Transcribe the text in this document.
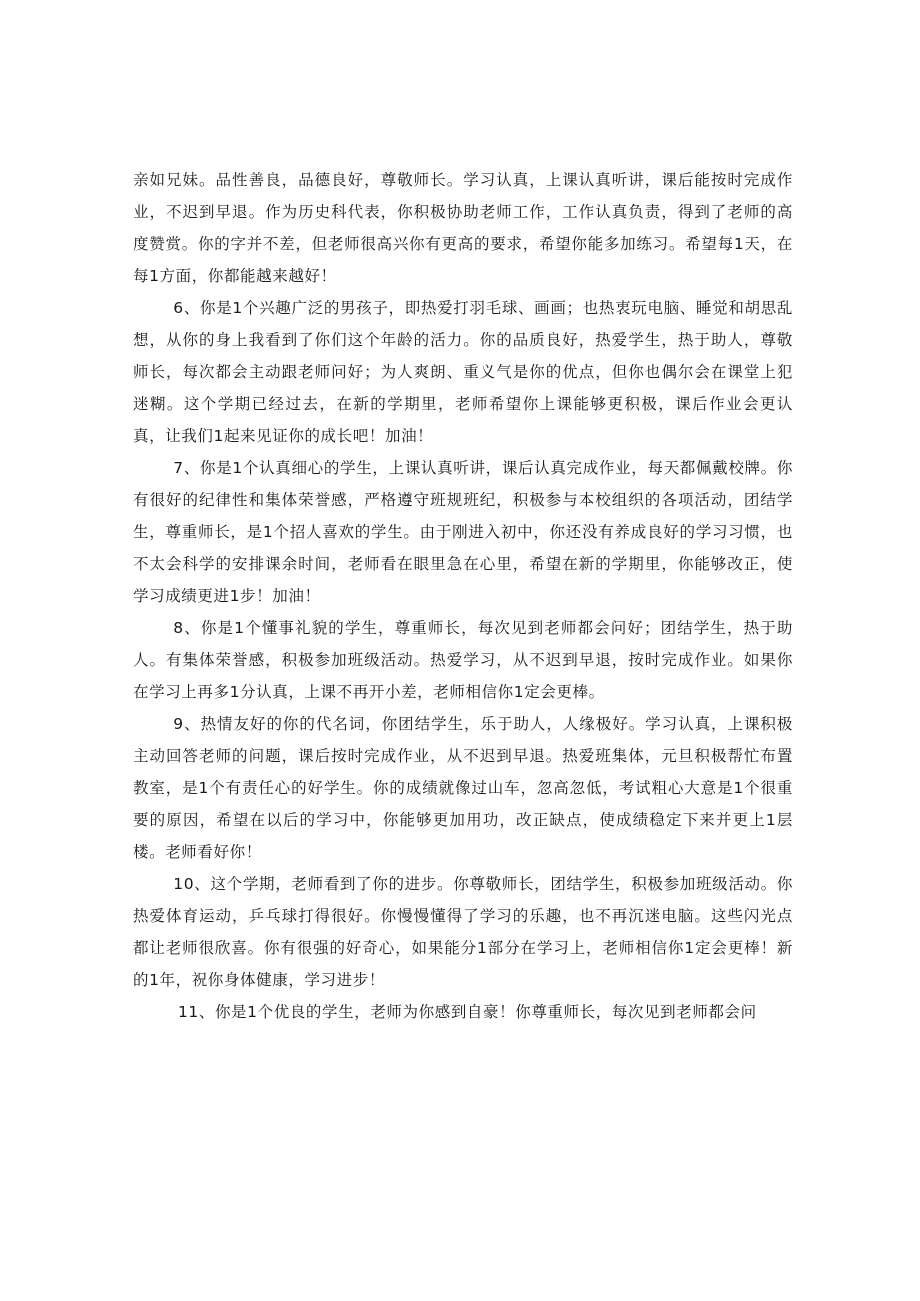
亲如兄妹。品性善良，品德良好，尊敬师长。学习认真，上课认真听讲，课后能按时完成作业，不迟到早退。作为历史科代表，你积极协助老师工作，工作认真负责，得到了老师的高度赞赏。你的字并不差，但老师很高兴你有更高的要求，希望你能多加练习。希望每1天，在每1方面，你都能越来越好！

6、你是1个兴趣广泛的男孩子，即热爱打羽毛球、画画；也热衷玩电脑、睡觉和胡思乱想，从你的身上我看到了你们这个年龄的活力。你的品质良好，热爱学生，热于助人，尊敬师长，每次都会主动跟老师问好；为人爽朗、重义气是你的优点，但你也偶尔会在课堂上犯迷糊。这个学期已经过去，在新的学期里，老师希望你上课能够更积极，课后作业会更认真，让我们1起来见证你的成长吧！加油！

7、你是1个认真细心的学生，上课认真听讲，课后认真完成作业，每天都佩戴校牌。你有很好的纪律性和集体荣誉感，严格遵守班规班纪，积极参与本校组织的各项活动，团结学生，尊重师长，是1个招人喜欢的学生。由于刚进入初中，你还没有养成良好的学习习惯，也不太会科学的安排课余时间，老师看在眼里急在心里，希望在新的学期里，你能够改正，使学习成绩更进1步！加油！

8、你是1个懂事礼貌的学生，尊重师长，每次见到老师都会问好；团结学生，热于助人。有集体荣誉感，积极参加班级活动。热爱学习，从不迟到早退，按时完成作业。如果你在学习上再多1分认真，上课不再开小差，老师相信你1定会更棒。

9、热情友好的你的代名词，你团结学生，乐于助人，人缘极好。学习认真，上课积极主动回答老师的问题，课后按时完成作业，从不迟到早退。热爱班集体，元旦积极帮忙布置教室，是1个有责任心的好学生。你的成绩就像过山车，忽高忽低，考试粗心大意是1个很重要的原因，希望在以后的学习中，你能够更加用功，改正缺点，使成绩稳定下来并更上1层楼。老师看好你！

10、这个学期，老师看到了你的进步。你尊敬师长，团结学生，积极参加班级活动。你热爱体育运动，乒乓球打得很好。你慢慢懂得了学习的乐趣，也不再沉迷电脑。这些闪光点都让老师很欣喜。你有很强的好奇心，如果能分1部分在学习上，老师相信你1定会更棒！新的1年，祝你身体健康，学习进步！

11、你是1个优良的学生，老师为你感到自豪！你尊重师长，每次见到老师都会问
